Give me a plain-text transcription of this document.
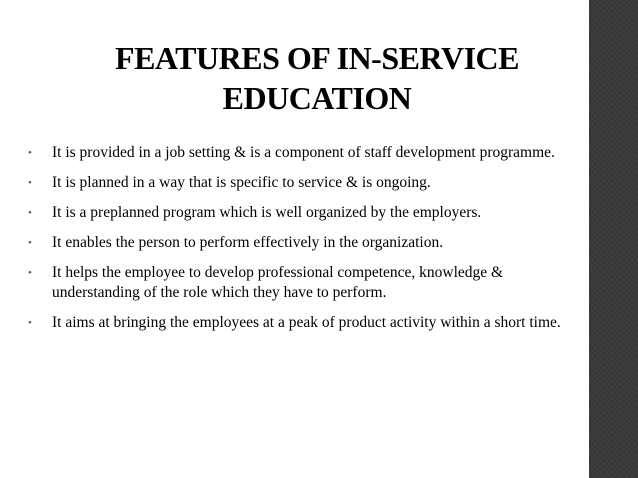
FEATURES OF IN-SERVICE
EDUCATION
•	It is provided in a job setting & is a component of staff development programme.
•	It is planned in a way that is specific to service & is ongoing.
•	It is a preplanned program which is well organized by the employers.
•	It enables the person to perform effectively in the organization.
•	It helps the employee to develop professional competence, knowledge & understanding of the role which they have to perform.
•	It aims at bringing the employees at a peak of product activity within a short time.
